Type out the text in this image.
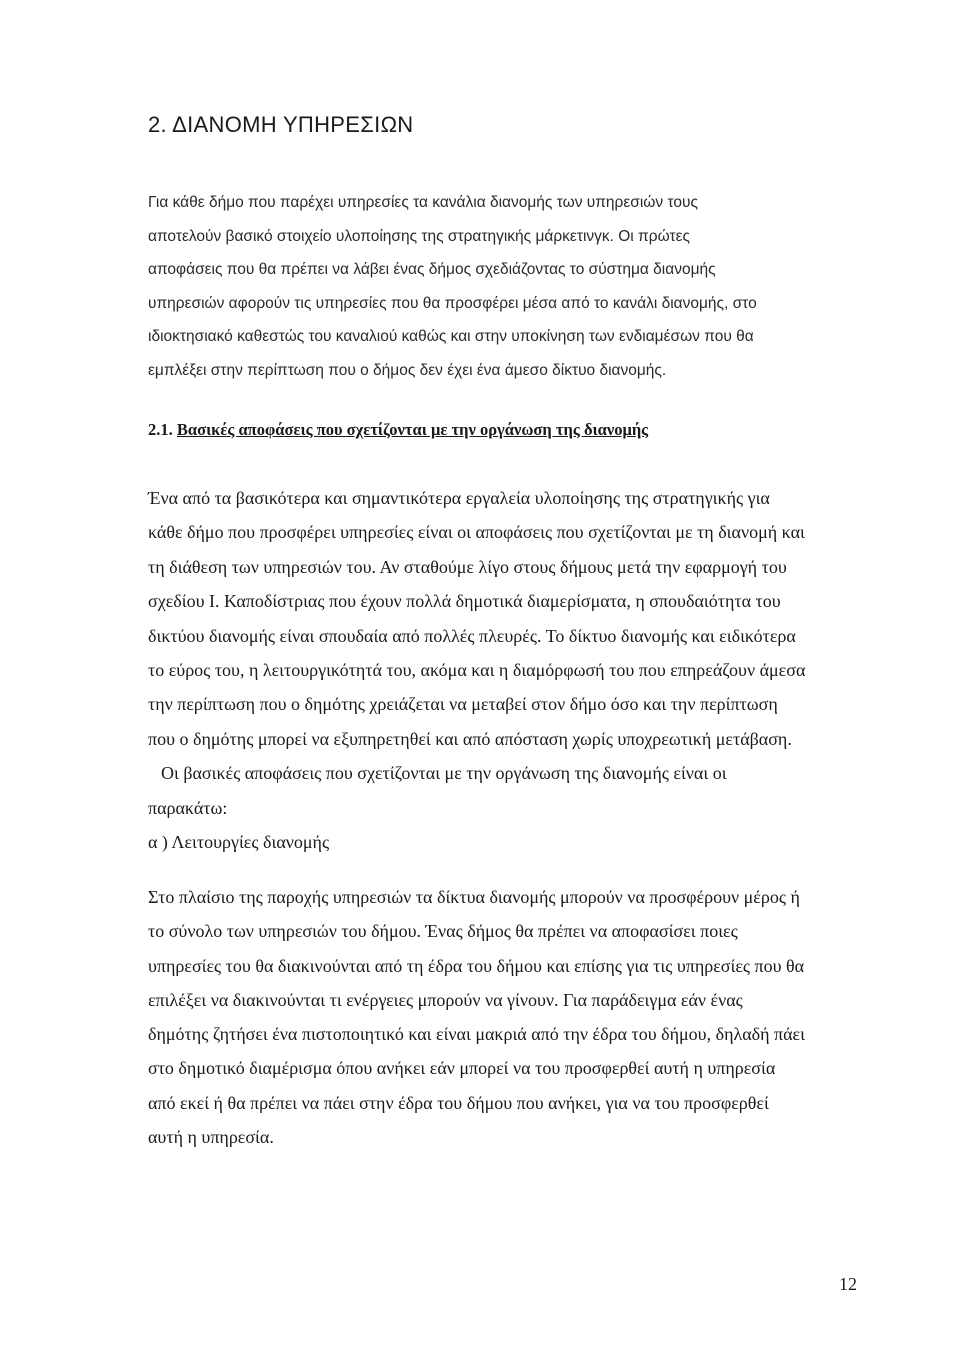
2. ΔΙΑΝΟΜΗ ΥΠΗΡΕΣΙΩΝ
Για κάθε δήμο που παρέχει υπηρεσίες τα κανάλια διανομής των υπηρεσιών τους
αποτελούν βασικό στοιχείο υλοποίησης της στρατηγικής μάρκετινγκ. Οι πρώτες
αποφάσεις που θα πρέπει να λάβει ένας δήμος σχεδιάζοντας το σύστημα διανομής
υπηρεσιών αφορούν τις υπηρεσίες που θα προσφέρει μέσα από το κανάλι διανομής, στο
ιδιοκτησιακό καθεστώς του καναλιού καθώς και στην υποκίνηση των ενδιαμέσων που θα
εμπλέξει στην περίπτωση που ο δήμος δεν έχει ένα άμεσο δίκτυο διανομής.
2.1. Βασικές αποφάσεις που σχετίζονται με την οργάνωση της διανομής
Ένα από τα βασικότερα και σημαντικότερα εργαλεία υλοποίησης της στρατηγικής για
κάθε δήμο που προσφέρει υπηρεσίες είναι οι αποφάσεις που σχετίζονται με τη διανομή και
τη διάθεση των υπηρεσιών του. Αν σταθούμε λίγο στους δήμους μετά την εφαρμογή του
σχεδίου Ι. Καποδίστριας που έχουν πολλά δημοτικά διαμερίσματα, η σπουδαιότητα του
δικτύου διανομής είναι σπουδαία από πολλές πλευρές. Το δίκτυο διανομής και ειδικότερα
το εύρος του, η λειτουργικότητά του, ακόμα και η διαμόρφωσή του που επηρεάζουν άμεσα
την περίπτωση που ο δημότης χρειάζεται να μεταβεί στον δήμο όσο και την περίπτωση
που ο δημότης μπορεί να εξυπηρετηθεί και από απόσταση χωρίς υποχρεωτική μετάβαση.
Οι βασικές αποφάσεις που σχετίζονται με την οργάνωση της διανομής είναι οι
παρακάτω:
α ) Λειτουργίες διανομής
Στο πλαίσιο της παροχής υπηρεσιών τα δίκτυα διανομής μπορούν να προσφέρουν μέρος ή
το σύνολο των υπηρεσιών του δήμου. Ένας δήμος θα πρέπει να αποφασίσει ποιες
υπηρεσίες του θα διακινούνται από τη έδρα του δήμου και επίσης για τις υπηρεσίες που θα
επιλέξει να διακινούνται τι ενέργειες μπορούν να γίνουν. Για παράδειγμα εάν ένας
δημότης ζητήσει ένα πιστοποιητικό και είναι μακριά από την έδρα του δήμου, δηλαδή πάει
στο δημοτικό διαμέρισμα όπου ανήκει εάν μπορεί να του προσφερθεί αυτή η υπηρεσία
από εκεί ή θα πρέπει να πάει στην έδρα του δήμου που ανήκει, για να του προσφερθεί
αυτή η υπηρεσία.
12
